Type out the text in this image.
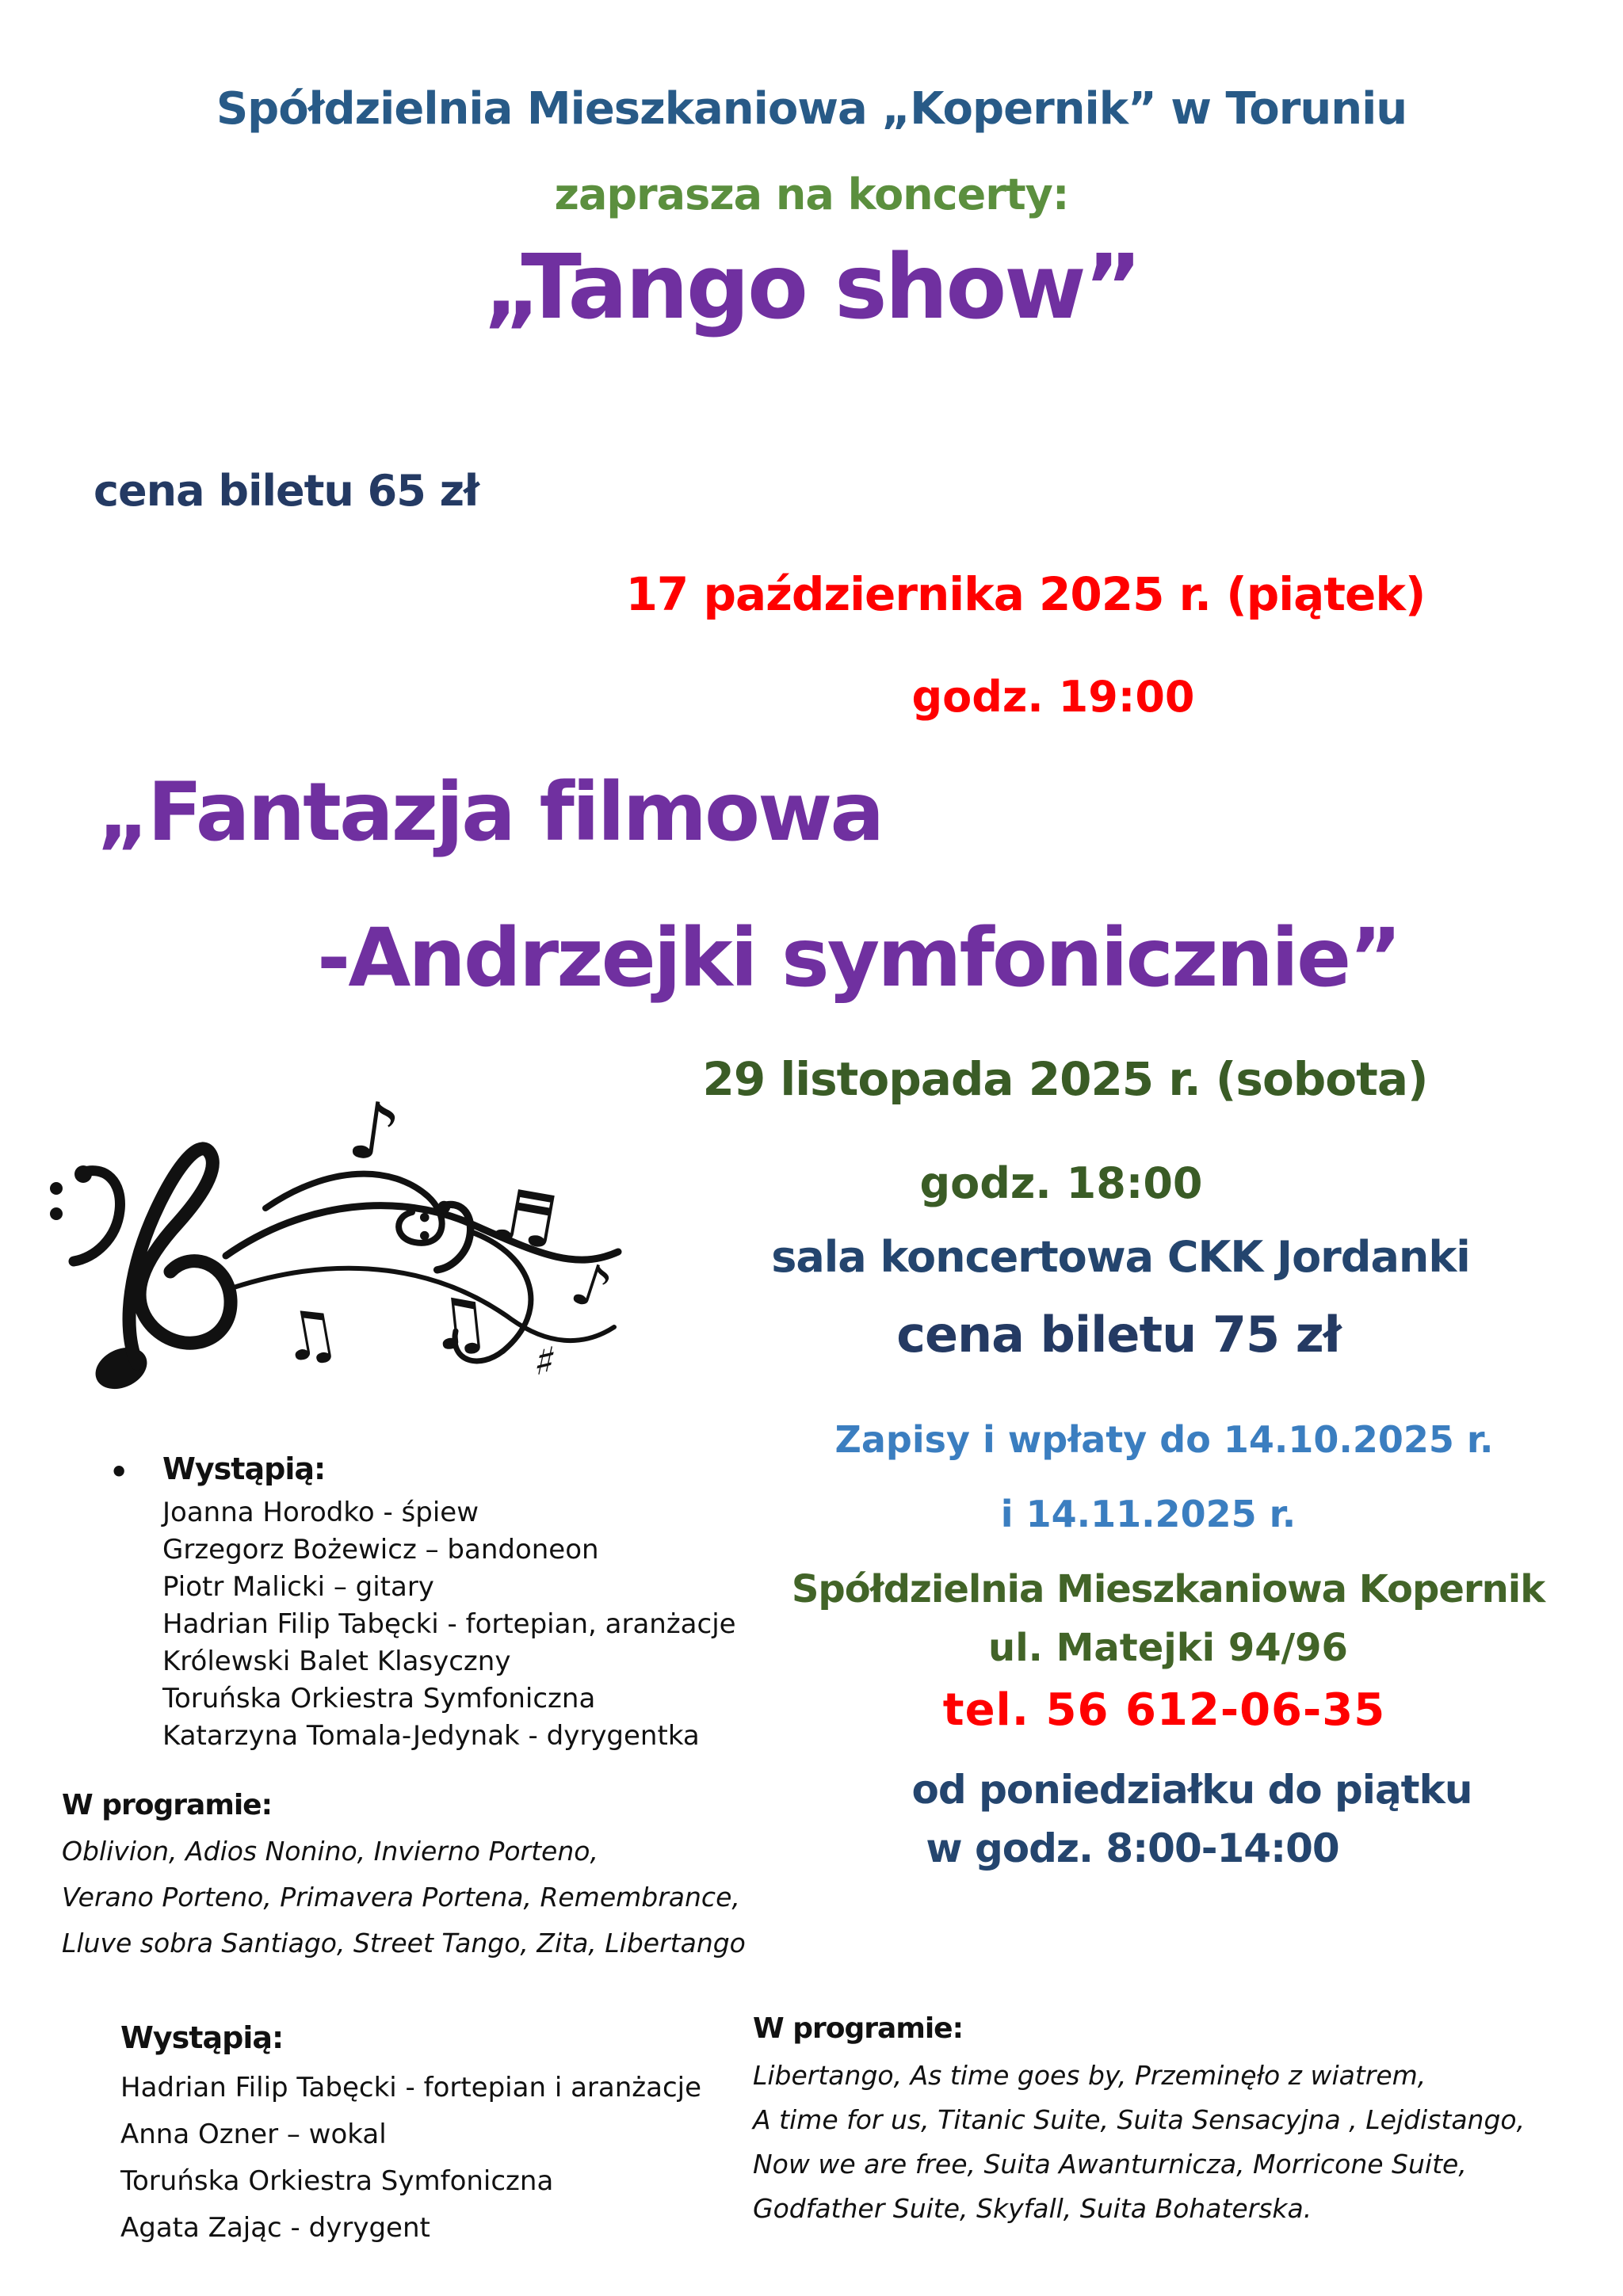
Spółdzielnia Mieszkaniowa „Kopernik” w Toruniu
zaprasza na koncerty:
„Tango show”
cena biletu 65 zł
17 października 2025 r. (piątek)
godz. 19:00
„Fantazja filmowa
-Andrzejki symfonicznie”
29 listopada 2025 r. (sobota)
godz. 18:00
sala koncertowa CKK Jordanki
cena biletu 75 zł
Zapisy i wpłaty do 14.10.2025 r.
i 14.11.2025 r.
Spółdzielnia Mieszkaniowa Kopernik
ul. Matejki 94/96
tel. 56 612-06-35
od poniedziałku do piątku
w godz. 8:00-14:00
♪
♬
♫ ♪
♫	♯
• Wystąpią:
Joanna Horodko - śpiew
Grzegorz Bożewicz – bandoneon
Piotr Malicki – gitary
Hadrian Filip Tabęcki - fortepian, aranżacje
Królewski Balet Klasyczny
Toruńska Orkiestra Symfoniczna
Katarzyna Tomala-Jedynak - dyrygentka
W programie:
Oblivion, Adios Nonino, Invierno Porteno,
Verano Porteno, Primavera Portena, Remembrance,
Lluve sobra Santiago, Street Tango, Zita, Libertango
Wystąpią:
Hadrian Filip Tabęcki - fortepian i aranżacje
Anna Ozner – wokal
Toruńska Orkiestra Symfoniczna
Agata Zając - dyrygent
W programie:
Libertango, As time goes by, Przeminęło z wiatrem,
A time for us, Titanic Suite, Suita Sensacyjna , Lejdistango,
Now we are free, Suita Awanturnicza, Morricone Suite,
Godfather Suite, Skyfall, Suita Bohaterska.
